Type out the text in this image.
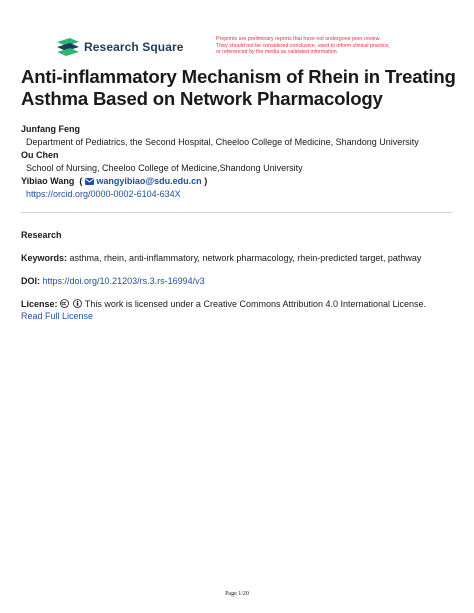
Research Square
Preprints are preliminary reports that have not undergone peer review.
They should not be considered conclusive, used to inform clinical practice,
or referenced by the media as validated information.
Anti-inflammatory Mechanism of Rhein in Treating
Asthma Based on Network Pharmacology
Junfang Feng
Department of Pediatrics, the Second Hospital, Cheeloo College of Medicine, Shandong University
Ou Chen
School of Nursing, Cheeloo College of Medicine,Shandong University
Yibiao Wang  ( wangyibiao@sdu.edu.cn )
https://orcid.org/0000-0002-6104-634X
Research
Keywords: asthma, rhein, anti-inflammatory, network pharmacology, rhein-predicted target, pathway
DOI: https://doi.org/10.21203/rs.3.rs-16994/v3
License:	This work is licensed under a Creative Commons Attribution 4.0 International License.
Read Full License
Page 1/20
